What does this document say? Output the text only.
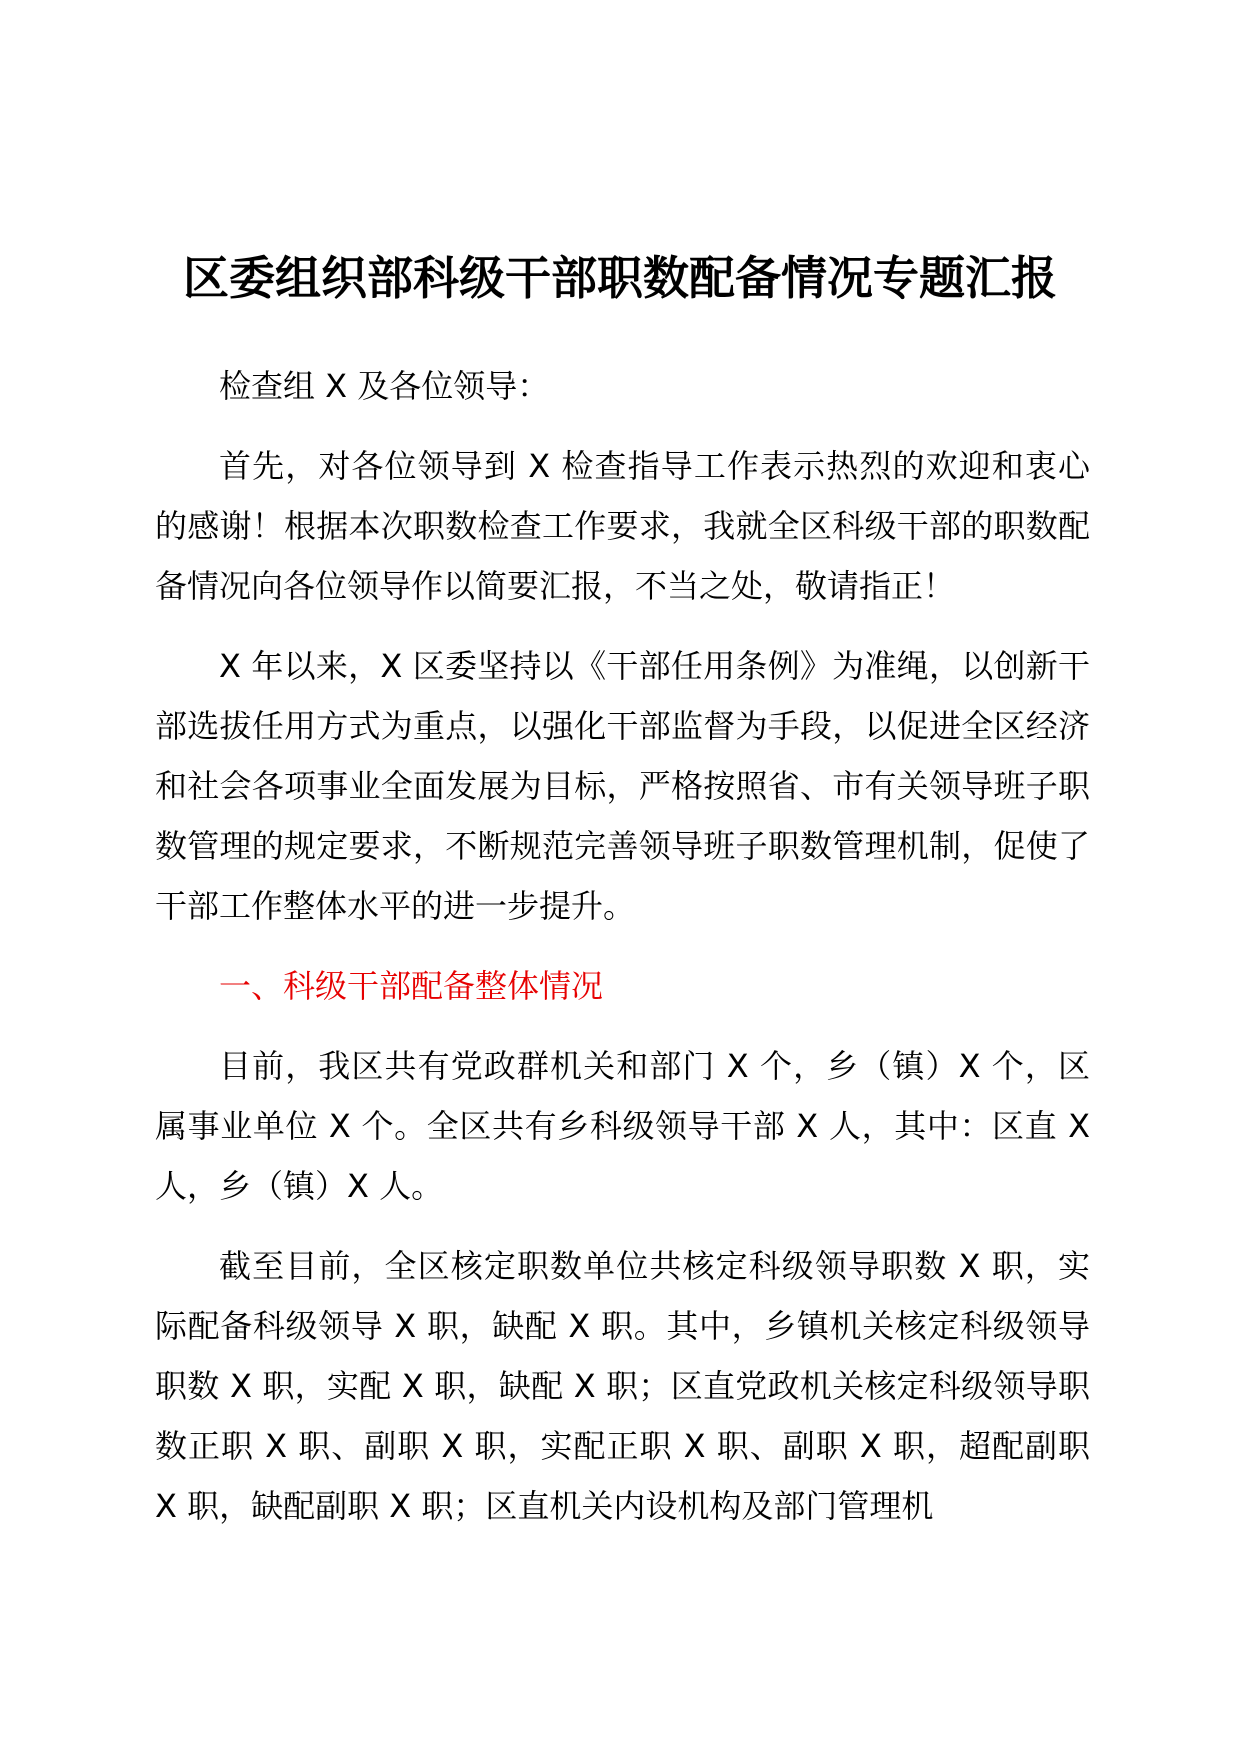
区委组织部科级干部职数配备情况专题汇报

检查组 X 及各位领导：

首先，对各位领导到 X 检查指导工作表示热烈的欢迎和衷心的感谢！根据本次职数检查工作要求，我就全区科级干部的职数配备情况向各位领导作以简要汇报，不当之处，敬请指正！

X 年以来，X 区委坚持以《干部任用条例》为准绳，以创新干部选拔任用方式为重点，以强化干部监督为手段，以促进全区经济和社会各项事业全面发展为目标，严格按照省、市有关领导班子职数管理的规定要求，不断规范完善领导班子职数管理机制，促使了干部工作整体水平的进一步提升。

一、科级干部配备整体情况

目前，我区共有党政群机关和部门 X 个，乡（镇）X 个，区属事业单位 X 个。全区共有乡科级领导干部 X 人，其中：区直 X 人，乡（镇）X 人。

截至目前，全区核定职数单位共核定科级领导职数 X 职，实际配备科级领导 X 职，缺配 X 职。其中，乡镇机关核定科级领导职数 X 职，实配 X 职，缺配 X 职；区直党政机关核定科级领导职数正职 X 职、副职 X 职，实配正职 X 职、副职 X 职，超配副职 X 职，缺配副职 X 职；区直机关内设机构及部门管理机
